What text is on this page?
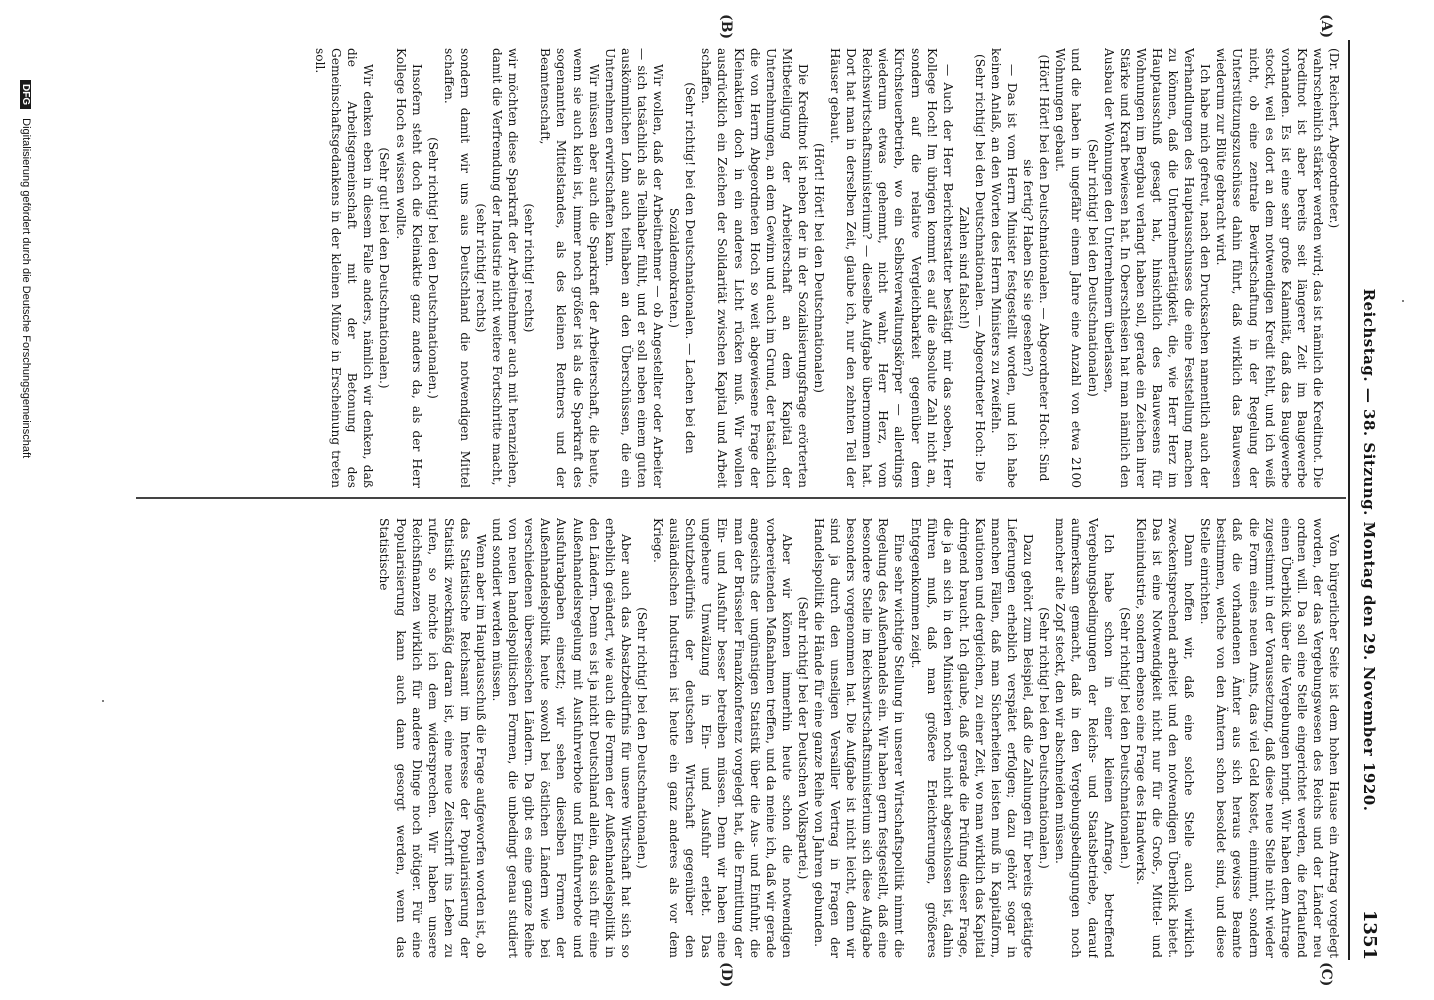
Reichstag. — 38. Sitzung. Montag den 29. November 1920.
1351
(A)
(B)
(C)
(D)

(Dr. Reichert, Abgeordneter.)

wahrscheinlich stärker werden wird; das ist nämlich die Kreditnot. Die Kreditnot ist aber bereits seit längerer Zeit im Baugewerbe vorhanden. Es ist eine sehr große Kalamität, daß das Baugewerbe stockt, weil es dort an dem notwendigen Kredit fehlt, und ich weiß nicht, ob eine zentrale Bewirtschaftung in der Regelung der Unterstützungszuschüsse dahin führt, daß wirklich das Bauwesen wiederum zur Blüte gebracht wird.

Ich habe mich gefreut, nach den Drucksachen namentlich auch der Verhandlungen des Hauptausschusses die eine Feststellung machen zu können, daß die Unternehmertätigkeit, die, wie Herr Herz im Hauptausschuß gesagt hat, hinsichtlich des Bauwesens für Wohnungen im Bergbau verlangt haben soll, gerade ein Zeichen ihrer Stärke und Kraft bewiesen hat. In Oberschlesien hat man nämlich den Ausbau der Wohnungen den Unternehmern überlassen,

(Sehr richtig! bei den Deutschnationalen)

und die haben in ungefähr einem Jahre eine Anzahl von etwa 2100 Wohnungen gebaut.

(Hört! Hört! bei den Deutschnationalen. — Abgeordneter Hoch: Sind sie fertig? Haben Sie sie gesehen?)

— Das ist vom Herrn Minister festgestellt worden, und ich habe keinen Anlaß, an den Worten des Herrn Ministers zu zweifeln.

(Sehr richtig! bei den Deutschnationalen. — Abgeordneter Hoch: Die Zahlen sind falsch!)

— Auch der Herr Berichterstatter bestätigt mir das soeben, Herr Kollege Hoch! Im übrigen kommt es auf die absolute Zahl nicht an, sondern auf die relative Vergleichbarkeit gegenüber dem Kirchsteuerbetrieb, wo ein Selbstverwaltungskörper — allerdings wiederum etwas gehemmt, nicht wahr, Herr Herz, vom Reichswirtschaftsministerium? — dieselbe Aufgabe übernommen hat. Dort hat man in derselben Zeit, glaube ich, nur den zehnten Teil der Häuser gebaut.

(Hört! Hört! bei den Deutschnationalen)

Die Kreditnot ist neben der in der Sozialisierungsfrage erörterten Mitbeteiligung der Arbeiterschaft an dem Kapital der Unternehmungen, an dem Gewinn und auch im Grund, der tatsächlich die von Herrn Abgeordneten Hoch so weit abgewiesene Frage der Kleinaktien doch in ein anderes Licht rücken muß. Wir wollen ausdrücklich ein Zeichen der Solidarität zwischen Kapital und Arbeit schaffen.

(Sehr richtig! bei den Deutschnationalen. — Lachen bei den Sozialdemokraten.)

Wir wollen, daß der Arbeitnehmer — ob Angestellter oder Arbeiter — sich tatsächlich als Teilhaber fühlt, und er soll neben einem guten auskömmlichen Lohn auch teilhaben an den Überschüssen, die ein Unternehmen erwirtschaften kann.

Wir müssen aber auch die Sparkraft der Arbeiterschaft, die heute, wenn sie auch klein ist, immer noch größer ist als die Sparkraft des sogenannten Mittelstandes, als des kleinen Rentners und der Beamtenschaft,

(sehr richtig! rechts)

wir möchten diese Sparkraft der Arbeitnehmer auch mit heranziehen, damit die Verfremdung der Industrie nicht weitere Fortschritte macht,

(sehr richtig! rechts)

sondern damit wir uns aus Deutschland die notwendigen Mittel schaffen.

(Sehr richtig! bei den Deutschnationalen.)

Insofern steht doch die Kleinaktie ganz anders da, als der Herr Kollege Hoch es wissen wollte.

(Sehr gut! bei den Deutschnationalen.)

Wir denken eben in diesem Falle anders, nämlich wir denken, daß die Arbeitsgemeinschaft mit der Betonung des Gemeinschaftsgedankens in der kleinen Münze in Erscheinung treten soll.

Von bürgerlicher Seite ist dem hohen Hause ein Antrag vorgelegt worden, der das Vergebungswesen des Reichs und der Länder neu ordnen will. Da soll eine Stelle eingerichtet werden, die fortlaufend einen Überblick über die Vergebungen bringt. Wir haben dem Antrage zugestimmt in der Voraussetzung, daß diese neue Stelle nicht wieder die Form eines neuen Amts, das viel Geld kostet, einnimmt, sondern daß die vorhandenen Ämter aus sich heraus gewisse Beamte bestimmen, welche von den Ämtern schon besoldet sind, und diese Stelle einrichten.

Dann hoffen wir, daß eine solche Stelle auch wirklich zweckentsprechend arbeitet und den notwendigen Überblick bietet. Das ist eine Notwendigkeit nicht nur für die Groß-, Mittel- und Kleinindustrie, sondern ebenso eine Frage des Handwerks.

(Sehr richtig! bei den Deutschnationalen.)

Ich habe schon in einer kleinen Anfrage, betreffend Vergebungsbedingungen der Reichs- und Staatsbetriebe, darauf aufmerksam gemacht, daß in den Vergebungsbedingungen noch mancher alte Zopf steckt, den wir abschneiden müssen.

(Sehr richtig! bei den Deutschnationalen.)

Dazu gehört zum Beispiel, daß die Zahlungen für bereits getätigte Lieferungen erheblich verspätet erfolgen; dazu gehört sogar in manchen Fällen, daß man Sicherheiten leisten muß in Kapitalform, Kautionen und dergleichen, zu einer Zeit, wo man wirklich das Kapital dringend braucht. Ich glaube, daß gerade die Prüfung dieser Frage, die ja an sich in den Ministerien noch nicht abgeschlossen ist, dahin führen muß, daß man größere Erleichterungen, größeres Entgegenkommen zeigt.

Eine sehr wichtige Stellung in unserer Wirtschaftspolitik nimmt die Regelung des Außenhandels ein. Wir haben gern festgestellt, daß eine besondere Stelle im Reichswirtschaftsministerium sich diese Aufgabe besonders vorgenommen hat. Die Aufgabe ist nicht leicht, denn wir sind ja durch den unseligen Versailler Vertrag in Fragen der Handelspolitik die Hände für eine ganze Reihe von Jahren gebunden.

(Sehr richtig! bei der Deutschen Volkspartei.)

Aber wir können immerhin heute schon die notwendigen vorbereitenden Maßnahmen treffen, und da meine ich, daß wir gerade angesichts der ungünstigen Statistik über die Aus- und Einfuhr, die man der Brüsseler Finanzkonferenz vorgelegt hat, die Ermittlung der Ein- und Ausfuhr besser betreiben müssen. Denn wir haben eine ungeheure Umwälzung in Ein- und Ausfuhr erlebt. Das Schutzbedürfnis der deutschen Wirtschaft gegenüber den ausländischen Industrien ist heute ein ganz anderes als vor dem Kriege.

(Sehr richtig! bei den Deutschnationalen.)

Aber auch das Absatzbedürfnis für unsere Wirtschaft hat sich so erheblich geändert, wie auch die Formen der Außenhandelspolitik in den Ländern. Denn es ist ja nicht Deutschland allein, das sich für eine Außenhandelsregelung mit Ausfuhrverbote und Einfuhrverbote und Ausfuhrabgaben einsetzt; wir sehen dieselben Formen der Außenhandelspolitik heute sowohl bei östlichen Ländern wie bei verschiedenen überseeischen Ländern. Da gibt es eine ganze Reihe von neuen handelspolitischen Formen, die unbedingt genau studiert und sondiert werden müssen.

Wenn aber im Hauptausschuß die Frage aufgeworfen worden ist, ob das Statistische Reichsamt im Interesse der Popularisierung der Statistik zweckmäßig daran ist, eine neue Zeitschrift ins Leben zu rufen, so möchte ich dem widersprechen. Wir haben unsere Reichsfinanzen wirklich für andere Dinge noch nötiger. Für eine Popularisierung kann auch dann gesorgt werden, wenn das Statistische

DFG Digitalisierung gefördert durch die Deutsche Forschungsgemeinschaft
